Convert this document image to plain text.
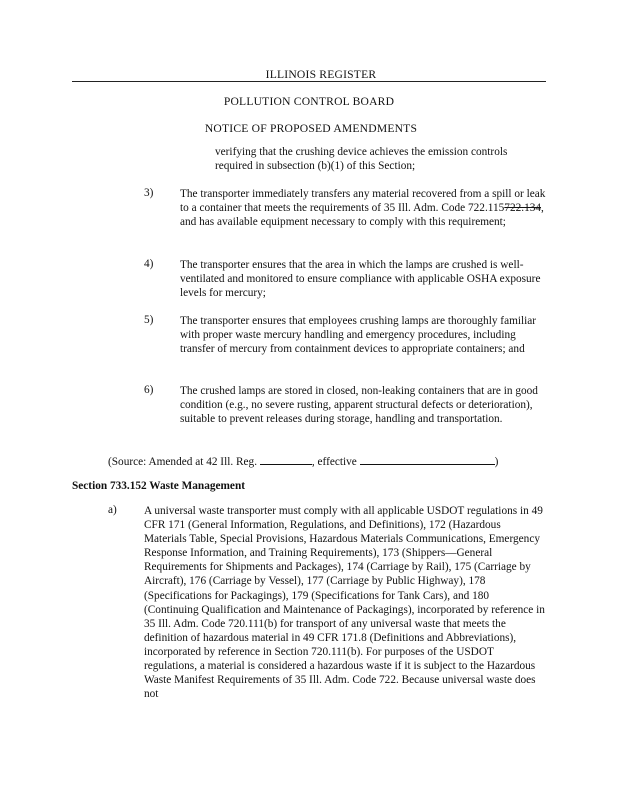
ILLINOIS REGISTER
POLLUTION CONTROL BOARD
NOTICE OF PROPOSED AMENDMENTS
verifying that the crushing device achieves the emission controls required in subsection (b)(1) of this Section;
3) The transporter immediately transfers any material recovered from a spill or leak to a container that meets the requirements of 35 Ill. Adm. Code 722.115722.134, and has available equipment necessary to comply with this requirement;
4) The transporter ensures that the area in which the lamps are crushed is well-ventilated and monitored to ensure compliance with applicable OSHA exposure levels for mercury;
5) The transporter ensures that employees crushing lamps are thoroughly familiar with proper waste mercury handling and emergency procedures, including transfer of mercury from containment devices to appropriate containers; and
6) The crushed lamps are stored in closed, non-leaking containers that are in good condition (e.g., no severe rusting, apparent structural defects or deterioration), suitable to prevent releases during storage, handling and transportation.
(Source: Amended at 42 Ill. Reg.	, effective	)
Section 733.152 Waste Management
a) A universal waste transporter must comply with all applicable USDOT regulations in 49 CFR 171 (General Information, Regulations, and Definitions), 172 (Hazardous Materials Table, Special Provisions, Hazardous Materials Communications, Emergency Response Information, and Training Requirements), 173 (Shippers—General Requirements for Shipments and Packages), 174 (Carriage by Rail), 175 (Carriage by Aircraft), 176 (Carriage by Vessel), 177 (Carriage by Public Highway), 178 (Specifications for Packagings), 179 (Specifications for Tank Cars), and 180 (Continuing Qualification and Maintenance of Packagings), incorporated by reference in 35 Ill. Adm. Code 720.111(b) for transport of any universal waste that meets the definition of hazardous material in 49 CFR 171.8 (Definitions and Abbreviations), incorporated by reference in Section 720.111(b). For purposes of the USDOT regulations, a material is considered a hazardous waste if it is subject to the Hazardous Waste Manifest Requirements of 35 Ill. Adm. Code 722. Because universal waste does not
